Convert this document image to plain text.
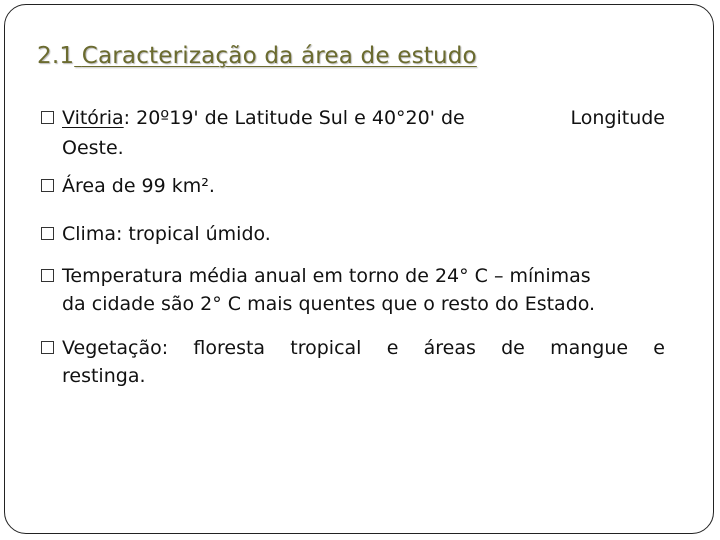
2.1 Caracterização da área de estudo
Vitória: 20º19' de Latitude Sul e 40°20' de	Longitude
Oeste.
Área de 99 km².
Clima: tropical úmido.
Temperatura média anual em torno de 24° C – mínimas
da cidade são 2° C mais quentes que o resto do Estado.
Vegetação: floresta tropical e áreas de mangue e
restinga.
